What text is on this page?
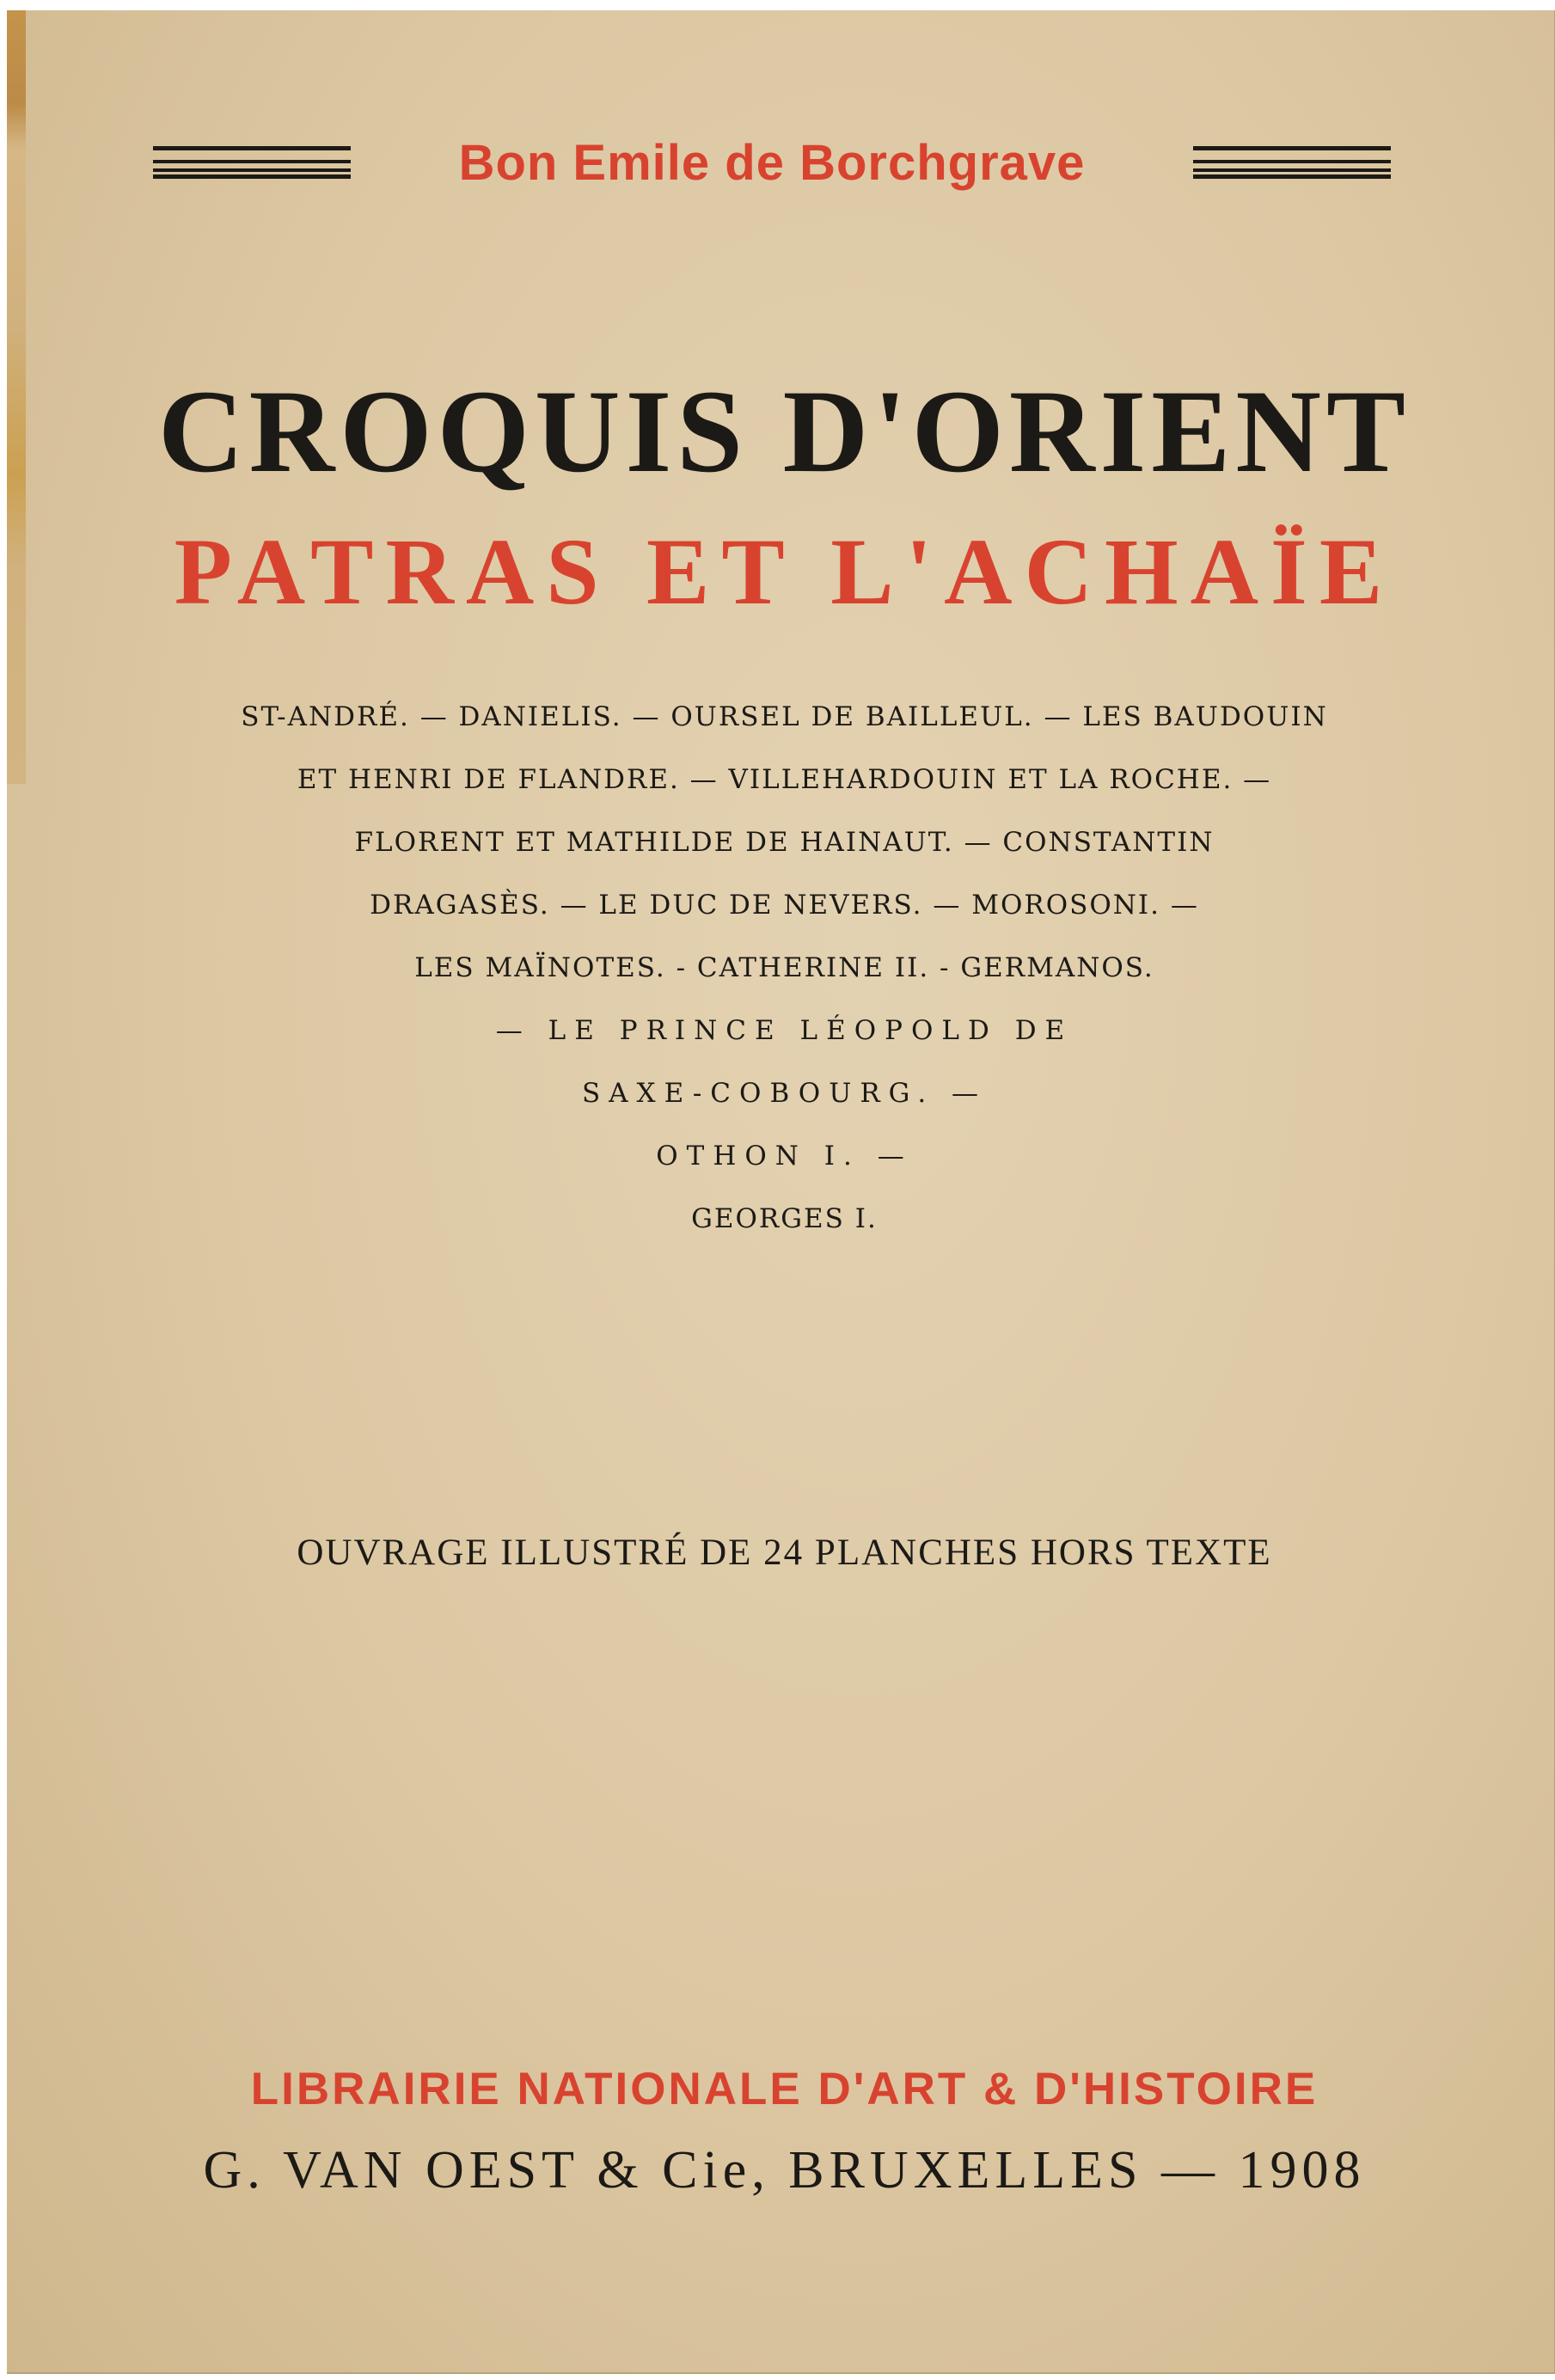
Bon Emile de Borchgrave
CROQUIS D'ORIENT
PATRAS ET L'ACHAÏE
ST-ANDRÉ. — DANIELIS. — OURSEL DE BAILLEUL. — LES BAUDOUIN
ET HENRI DE FLANDRE. — VILLEHARDOUIN ET LA ROCHE. —
FLORENT ET MATHILDE DE HAINAUT. — CONSTANTIN
DRAGASÈS. — LE DUC DE NEVERS. — MOROSONI. —
LES MAÏNOTES. - CATHERINE II. - GERMANOS.
— LE PRINCE LÉOPOLD DE
SAXE-COBOURG. —
OTHON I. —
GEORGES I.
OUVRAGE ILLUSTRÉ DE 24 PLANCHES HORS TEXTE
LIBRAIRIE NATIONALE D'ART & D'HISTOIRE
G. VAN OEST & Cie, BRUXELLES — 1908
